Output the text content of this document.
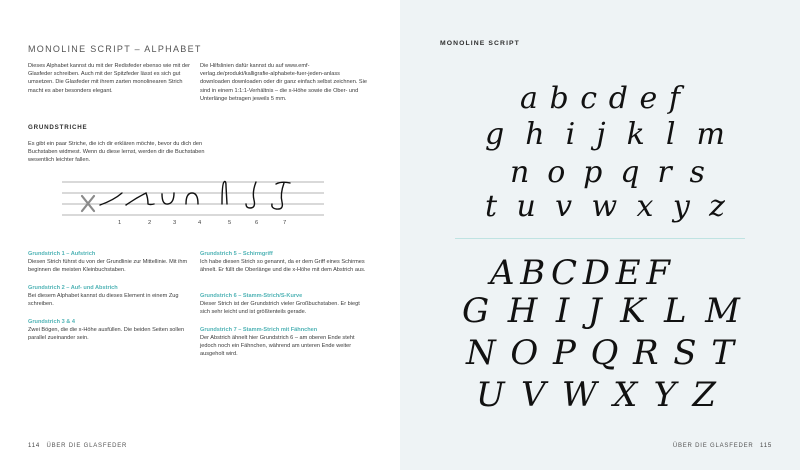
MONOLINE SCRIPT – ALPHABET
Dieses Alphabet kannst du mit der Redisfeder ebenso wie mit der Glasfeder schreiben. Auch mit der Spitzfeder lässt es sich gut umsetzen. Die Glasfeder mit ihrem zarten monolinearen Strich macht es aber besonders elegant.
Die Hilfslinien dafür kannst du auf www.emf-verlag.de/produkt/kalligrafie-alphabete-fuer-jeden-anlass downloaden downloaden oder dir ganz einfach selbst zeichnen. Sie sind in einem 1:1:1-Verhältnis – die x-Höhe sowie die Ober- und Unterlänge betragen jeweils 5 mm.
GRUNDSTRICHE
Es gibt ein paar Striche, die ich dir erklären möchte, bevor du dich den Buchstaben widmest. Wenn du diese lernst, werden dir die Buchstaben wesentlich leichter fallen.
1	2	3	4	5	6	7
Grundstrich 1 – Aufstrich
Diesen Strich führst du von der Grundlinie zur Mittellinie. Mit ihm beginnen die meisten Kleinbuchstaben.
Grundstrich 2 – Auf- und Abstrich
Bei diesem Alphabet kannst du dieses Element in einem Zug schreiben.
Grundstrich 3 & 4
Zwei Bögen, die die x-Höhe ausfüllen. Die beiden Seiten sollen parallel zueinander sein.
Grundstrich 5 – Schirmgriff
Ich habe diesen Strich so genannt, da er dem Griff eines Schirmes ähnelt. Er füllt die Oberlänge und die x-Höhe mit dem Abstrich aus.
Grundstrich 6 – Stamm-Strich/S-Kurve
Dieser Strich ist der Grundstrich vieler Großbuchstaben. Er biegt sich sehr leicht und ist größtenteils gerade.
Grundstrich 7 – Stamm-Strich mit Fähnchen
Der Abstrich ähnelt hier Grundstrich 6 – am oberen Ende steht jedoch noch ein Fähnchen, während am unteren Ende weiter ausgeholt wird.
114 ÜBER DIE GLASFEDER
MONOLINE SCRIPT
a b c d e f
g h i j k l m
n o p q r s
t u v w x y z
A B C D E F
G H I J K L M
N O P Q R S T
U V W X Y Z
ÜBER DIE GLASFEDER 115
